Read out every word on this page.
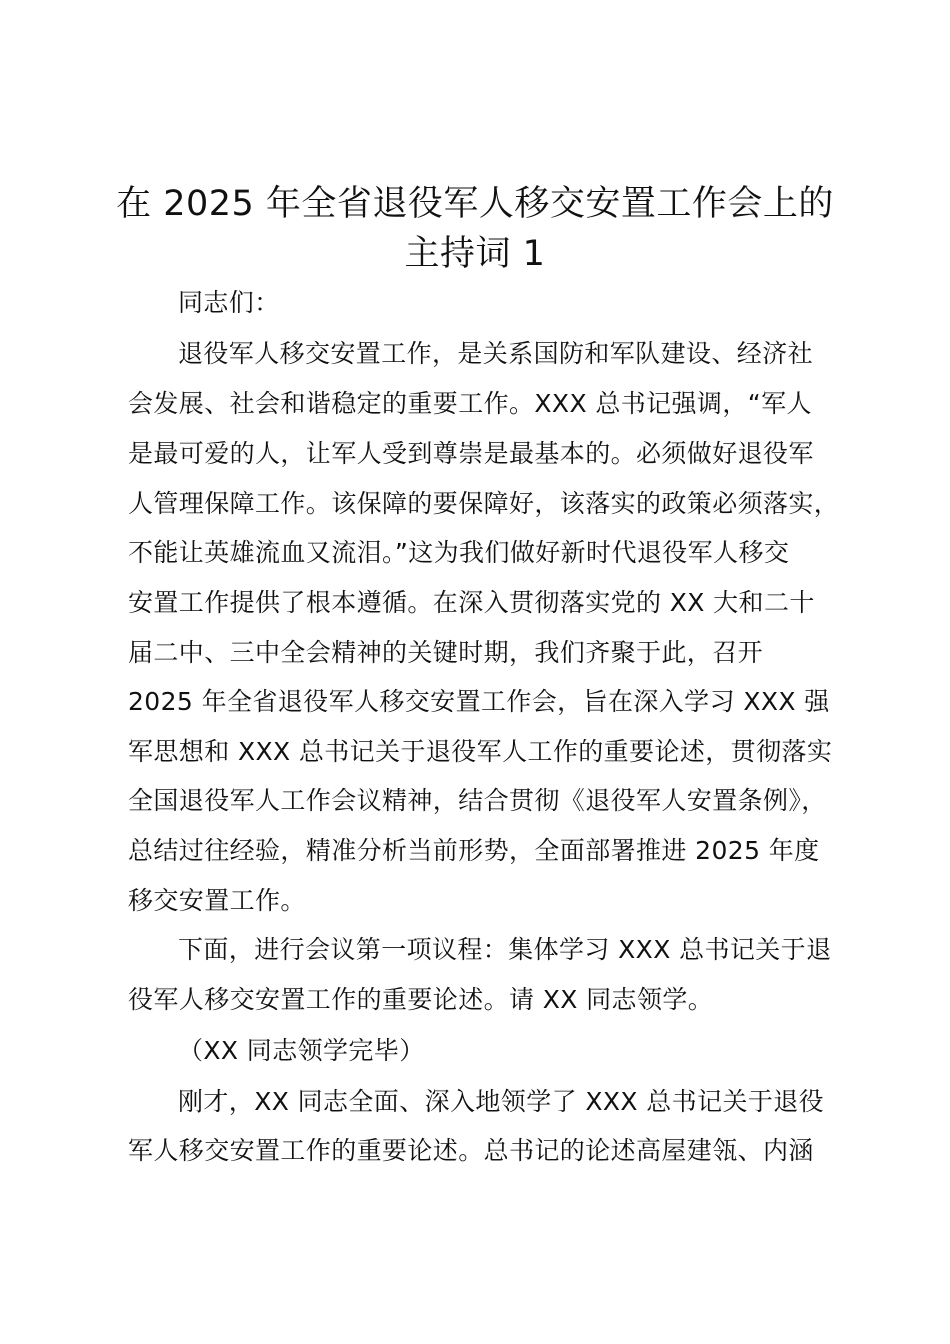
在 2025 年全省退役军人移交安置工作会上的
主持词 1
同志们：
退役军人移交安置工作，是关系国防和军队建设、经济社
会发展、社会和谐稳定的重要工作。XXX 总书记强调，“军人
是最可爱的人，让军人受到尊崇是最基本的。必须做好退役军
人管理保障工作。该保障的要保障好，该落实的政策必须落实，
不能让英雄流血又流泪。”这为我们做好新时代退役军人移交
安置工作提供了根本遵循。在深入贯彻落实党的 XX 大和二十
届二中、三中全会精神的关键时期，我们齐聚于此，召开
2025 年全省退役军人移交安置工作会，旨在深入学习 XXX 强
军思想和 XXX 总书记关于退役军人工作的重要论述，贯彻落实
全国退役军人工作会议精神，结合贯彻《退役军人安置条例》，
总结过往经验，精准分析当前形势，全面部署推进 2025 年度
移交安置工作。
下面，进行会议第一项议程：集体学习 XXX 总书记关于退
役军人移交安置工作的重要论述。请 XX 同志领学。
（XX 同志领学完毕）
刚才，XX 同志全面、深入地领学了 XXX 总书记关于退役
军人移交安置工作的重要论述。总书记的论述高屋建瓴、内涵
